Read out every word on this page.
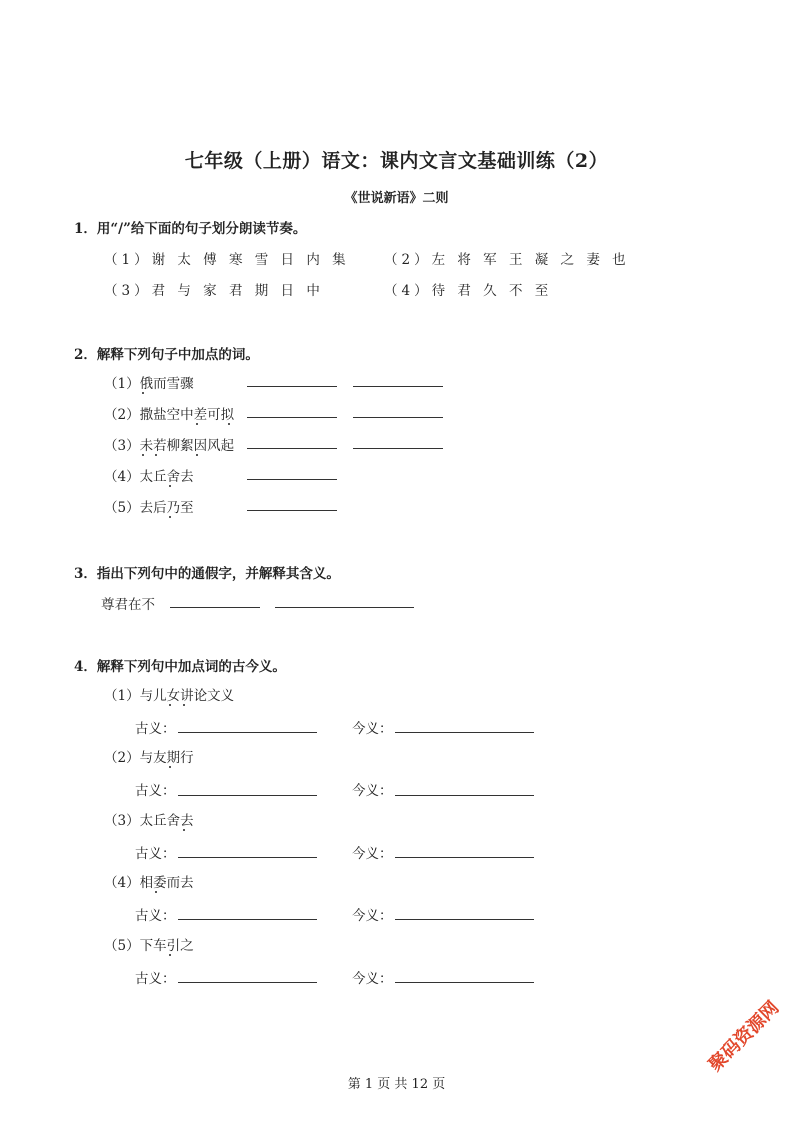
七年级（上册）语文：课内文言文基础训练（2）
《世说新语》二则
1．用“/”给下面的句子划分朗读节奏。
（1）谢 太 傅 寒 雪 日 内 集	（2）左 将 军 王 凝 之 妻 也
（3）君 与 家 君 期 日 中	（4）待 君 久 不 至
2．解释下列句子中加点的词。
（1）俄而雪骤
（2）撒盐空中差可拟
（3）未若柳絮因风起
（4）太丘舍去
（5）去后乃至
3．指出下列句中的通假字，并解释其含义。
尊君在不
4．解释下列句中加点词的古今义。
（1）与儿女讲论文义
古义：	今义：
（2）与友期行
古义：	今义：
（3）太丘舍去
古义：	今义：
（4）相委而去
古义：	今义：
（5）下车引之
古义：	今义：
聚码资源网
第 1 页 共 12 页
